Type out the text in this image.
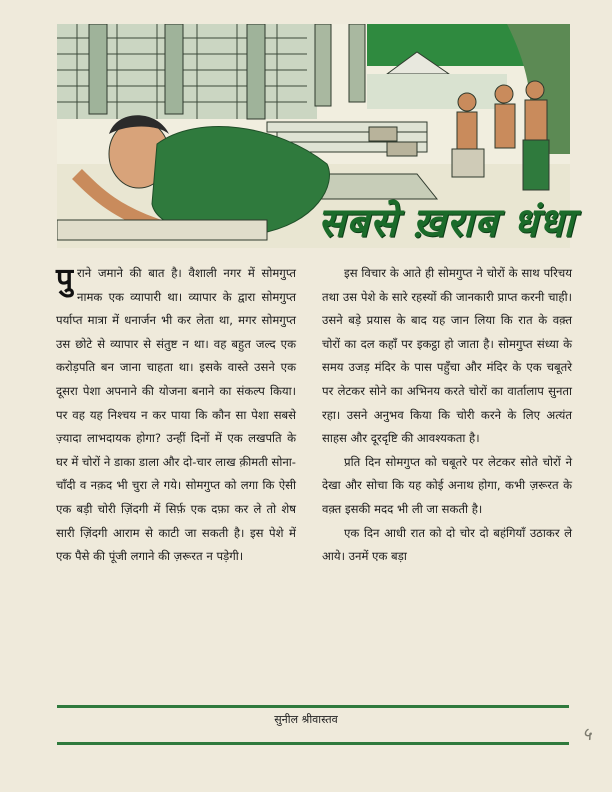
सबसे ख़राब धंधा

पुराने जमाने की बात है। वैशाली नगर में सोमगुप्त नामक एक व्यापारी था। व्यापार के द्वारा सोमगुप्त पर्याप्त मात्रा में धनार्जन भी कर लेता था, मगर सोमगुप्त उस छोटे से व्यापार से संतुष्ट न था। वह बहुत जल्द एक करोड़पति बन जाना चाहता था। इसके वास्ते उसने एक दूसरा पेशा अपनाने की योजना बनाने का संकल्प किया। पर वह यह निश्चय न कर पाया कि कौन सा पेशा सबसे ज़्यादा लाभदायक होगा? उन्हीं दिनों में एक लखपति के घर में चोरों ने डाका डाला और दो-चार लाख क़ीमती सोना-चाँदी व नक़द भी चुरा ले गये। सोमगुप्त को लगा कि ऐसी एक बड़ी चोरी ज़िंदगी में सिर्फ़ एक दफ़ा कर ले तो शेष सारी ज़िंदगी आराम से काटी जा सकती है। इस पेशे में एक पैसे की पूंजी लगाने की ज़रूरत न पड़ेगी।

इस विचार के आते ही सोमगुप्त ने चोरों के साथ परिचय तथा उस पेशे के सारे रहस्यों की जानकारी प्राप्त करनी चाही। उसने बड़े प्रयास के बाद यह जान लिया कि रात के वक़्त चोरों का दल कहाँ पर इकट्ठा हो जाता है। सोमगुप्त संध्या के समय उजड़ मंदिर के पास पहुँचा और मंदिर के एक चबूतरे पर लेटकर सोने का अभिनय करते चोरों का वार्तालाप सुनता रहा। उसने अनुभव किया कि चोरी करने के लिए अत्यंत साहस और दूरदृष्टि की आवश्यकता है।

प्रति दिन सोमगुप्त को चबूतरे पर लेटकर सोते चोरों ने देखा और सोचा कि यह कोई अनाथ होगा, कभी ज़रूरत के वक़्त इसकी मदद भी ली जा सकती है।

एक दिन आधी रात को दो चोर दो बहंगियाँ उठाकर ले आये। उनमें एक बड़ा

सुनील श्रीवास्तव
५
